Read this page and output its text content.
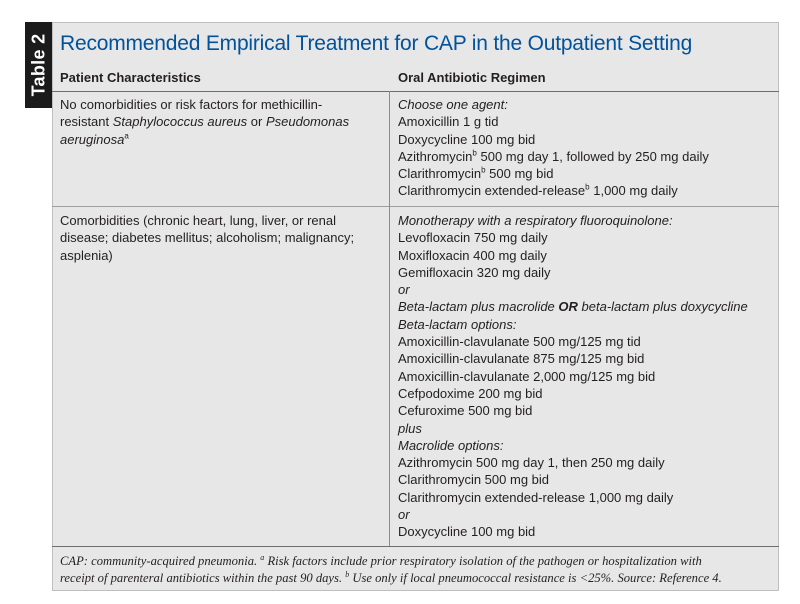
Table 2 Recommended Empirical Treatment for CAP in the Outpatient Setting
Patient Characteristics	Oral Antibiotic Regimen
No comorbidities or risk factors for methicillin-
resistant Staphylococcus aureus or Pseudomonas
aeruginosa$^a$
Choose one agent:
Amoxicillin 1 g tid
Doxycycline 100 mg bid
Azithromycin$^b$ 500 mg day 1, followed by 250 mg daily
Clarithromycin$^b$ 500 mg bid
Clarithromycin extended-release$^b$ 1,000 mg daily
Comorbidities (chronic heart, lung, liver, or renal
disease; diabetes mellitus; alcoholism; malignancy;
asplenia)
Monotherapy with a respiratory fluoroquinolone:
Levofloxacin 750 mg daily
Moxifloxacin 400 mg daily
Gemifloxacin 320 mg daily
or
Beta-lactam plus macrolide OR beta-lactam plus doxycycline
Beta-lactam options:
Amoxicillin-clavulanate 500 mg/125 mg tid
Amoxicillin-clavulanate 875 mg/125 mg bid
Amoxicillin-clavulanate 2,000 mg/125 mg bid
Cefpodoxime 200 mg bid
Cefuroxime 500 mg bid
plus
Macrolide options:
Azithromycin 500 mg day 1, then 250 mg daily
Clarithromycin 500 mg bid
Clarithromycin extended-release 1,000 mg daily
or
Doxycycline 100 mg bid
CAP: community-acquired pneumonia. $^a$ Risk factors include prior respiratory isolation of the pathogen or hospitalization with
receipt of parenteral antibiotics within the past 90 days. $^b$ Use only if local pneumococcal resistance is <25%. Source: Reference 4.
